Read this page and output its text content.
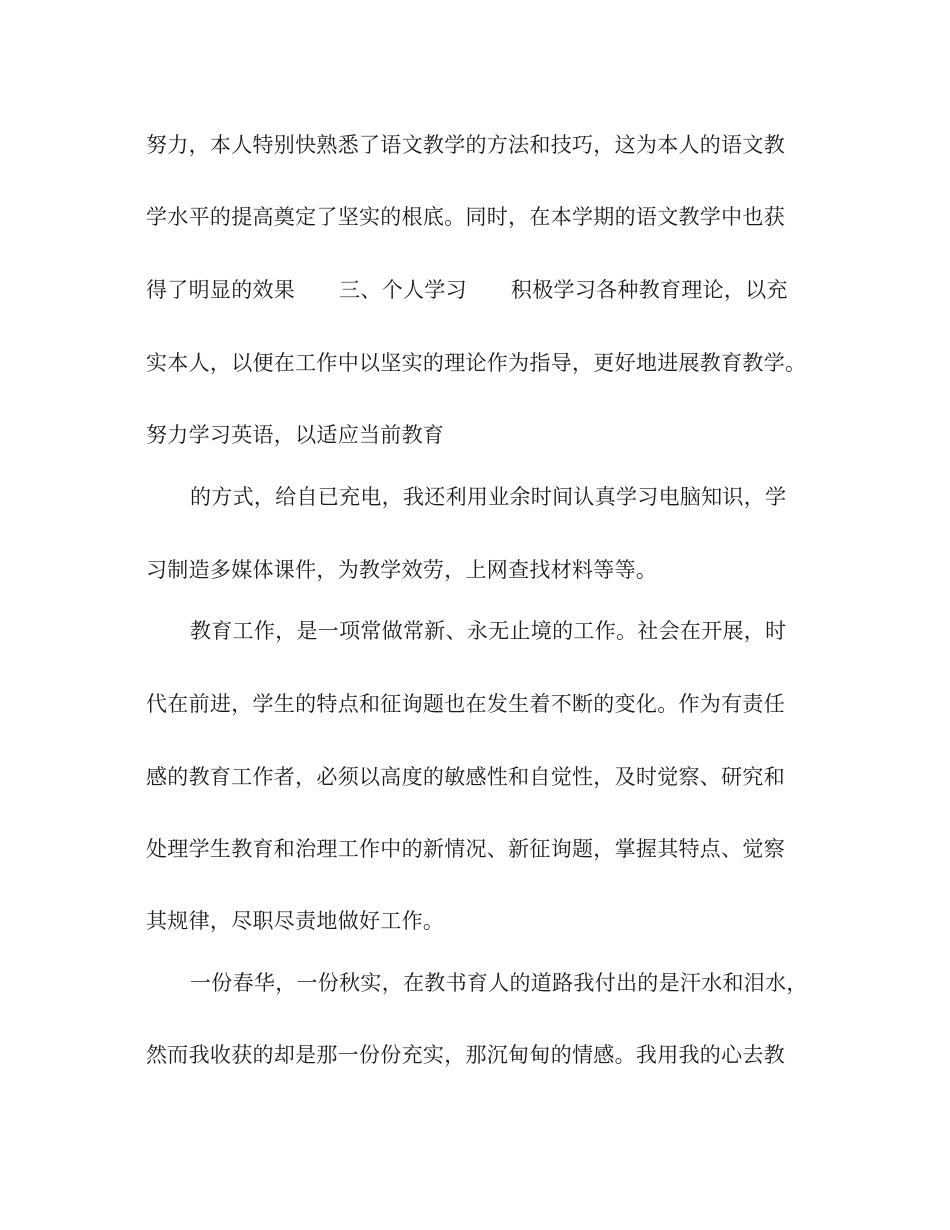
努力，本人特别快熟悉了语文教学的方法和技巧，这为本人的语文教
学水平的提高奠定了坚实的根底。同时，在本学期的语文教学中也获
得了明显的效果 三、个人学习 积极学习各种教育理论，以充
实本人，以便在工作中以坚实的理论作为指导，更好地进展教育教学。
努力学习英语，以适应当前教育
的方式，给自已充电，我还利用业余时间认真学习电脑知识，学
习制造多媒体课件，为教学效劳，上网查找材料等等。
教育工作，是一项常做常新、永无止境的工作。社会在开展，时
代在前进，学生的特点和征询题也在发生着不断的变化。作为有责任
感的教育工作者，必须以高度的敏感性和自觉性，及时觉察、研究和
处理学生教育和治理工作中的新情况、新征询题，掌握其特点、觉察
其规律，尽职尽责地做好工作。
一份春华，一份秋实，在教书育人的道路我付出的是汗水和泪水，
然而我收获的却是那一份份充实，那沉甸甸的情感。我用我的心去教
